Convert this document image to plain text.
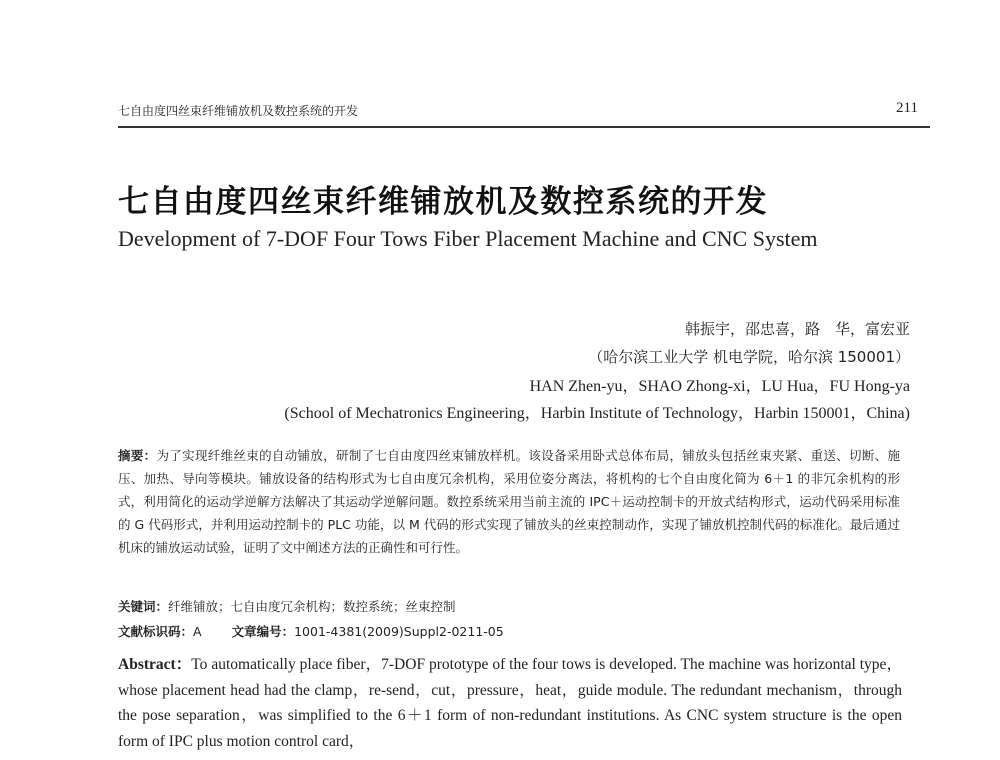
七自由度四丝束纤维铺放机及数控系统的开发	211
七自由度四丝束纤维铺放机及数控系统的开发
Development of 7-DOF Four Tows Fiber Placement Machine and CNC System
韩振宇，邵忠喜，路　华，富宏亚
（哈尔滨工业大学 机电学院，哈尔滨 150001）
HAN Zhen-yu，SHAO Zhong-xi，LU Hua，FU Hong-ya
(School of Mechatronics Engineering，Harbin Institute of Technology，Harbin 150001，China)

摘要：为了实现纤维丝束的自动铺放，研制了七自由度四丝束铺放样机。该设备采用卧式总体布局，铺放头包括丝束夹紧、重送、切断、施压、加热、导向等模块。铺放设备的结构形式为七自由度冗余机构，采用位姿分离法，将机构的七个自由度化简为 6＋1 的非冗余机构的形式，利用简化的运动学逆解方法解决了其运动学逆解问题。数控系统采用当前主流的 IPC＋运动控制卡的开放式结构形式，运动代码采用标准的 G 代码形式，并利用运动控制卡的 PLC 功能，以 M 代码的形式实现了铺放头的丝束控制动作，实现了铺放机控制代码的标准化。最后通过机床的铺放运动试验，证明了文中阐述方法的正确性和可行性。

关键词：纤维铺放；七自由度冗余机构；数控系统；丝束控制

文献标识码：A 文章编号：1001-4381(2009)Suppl2-0211-05

Abstract：To automatically place fiber，7-DOF prototype of the four tows is developed. The machine was horizontal type，whose placement head had the clamp，re-send，cut，pressure，heat，guide module. The redundant mechanism，through the pose separation，was simplified to the 6＋1 form of non-redundant institutions. As CNC system structure is the open form of IPC plus motion control card，
